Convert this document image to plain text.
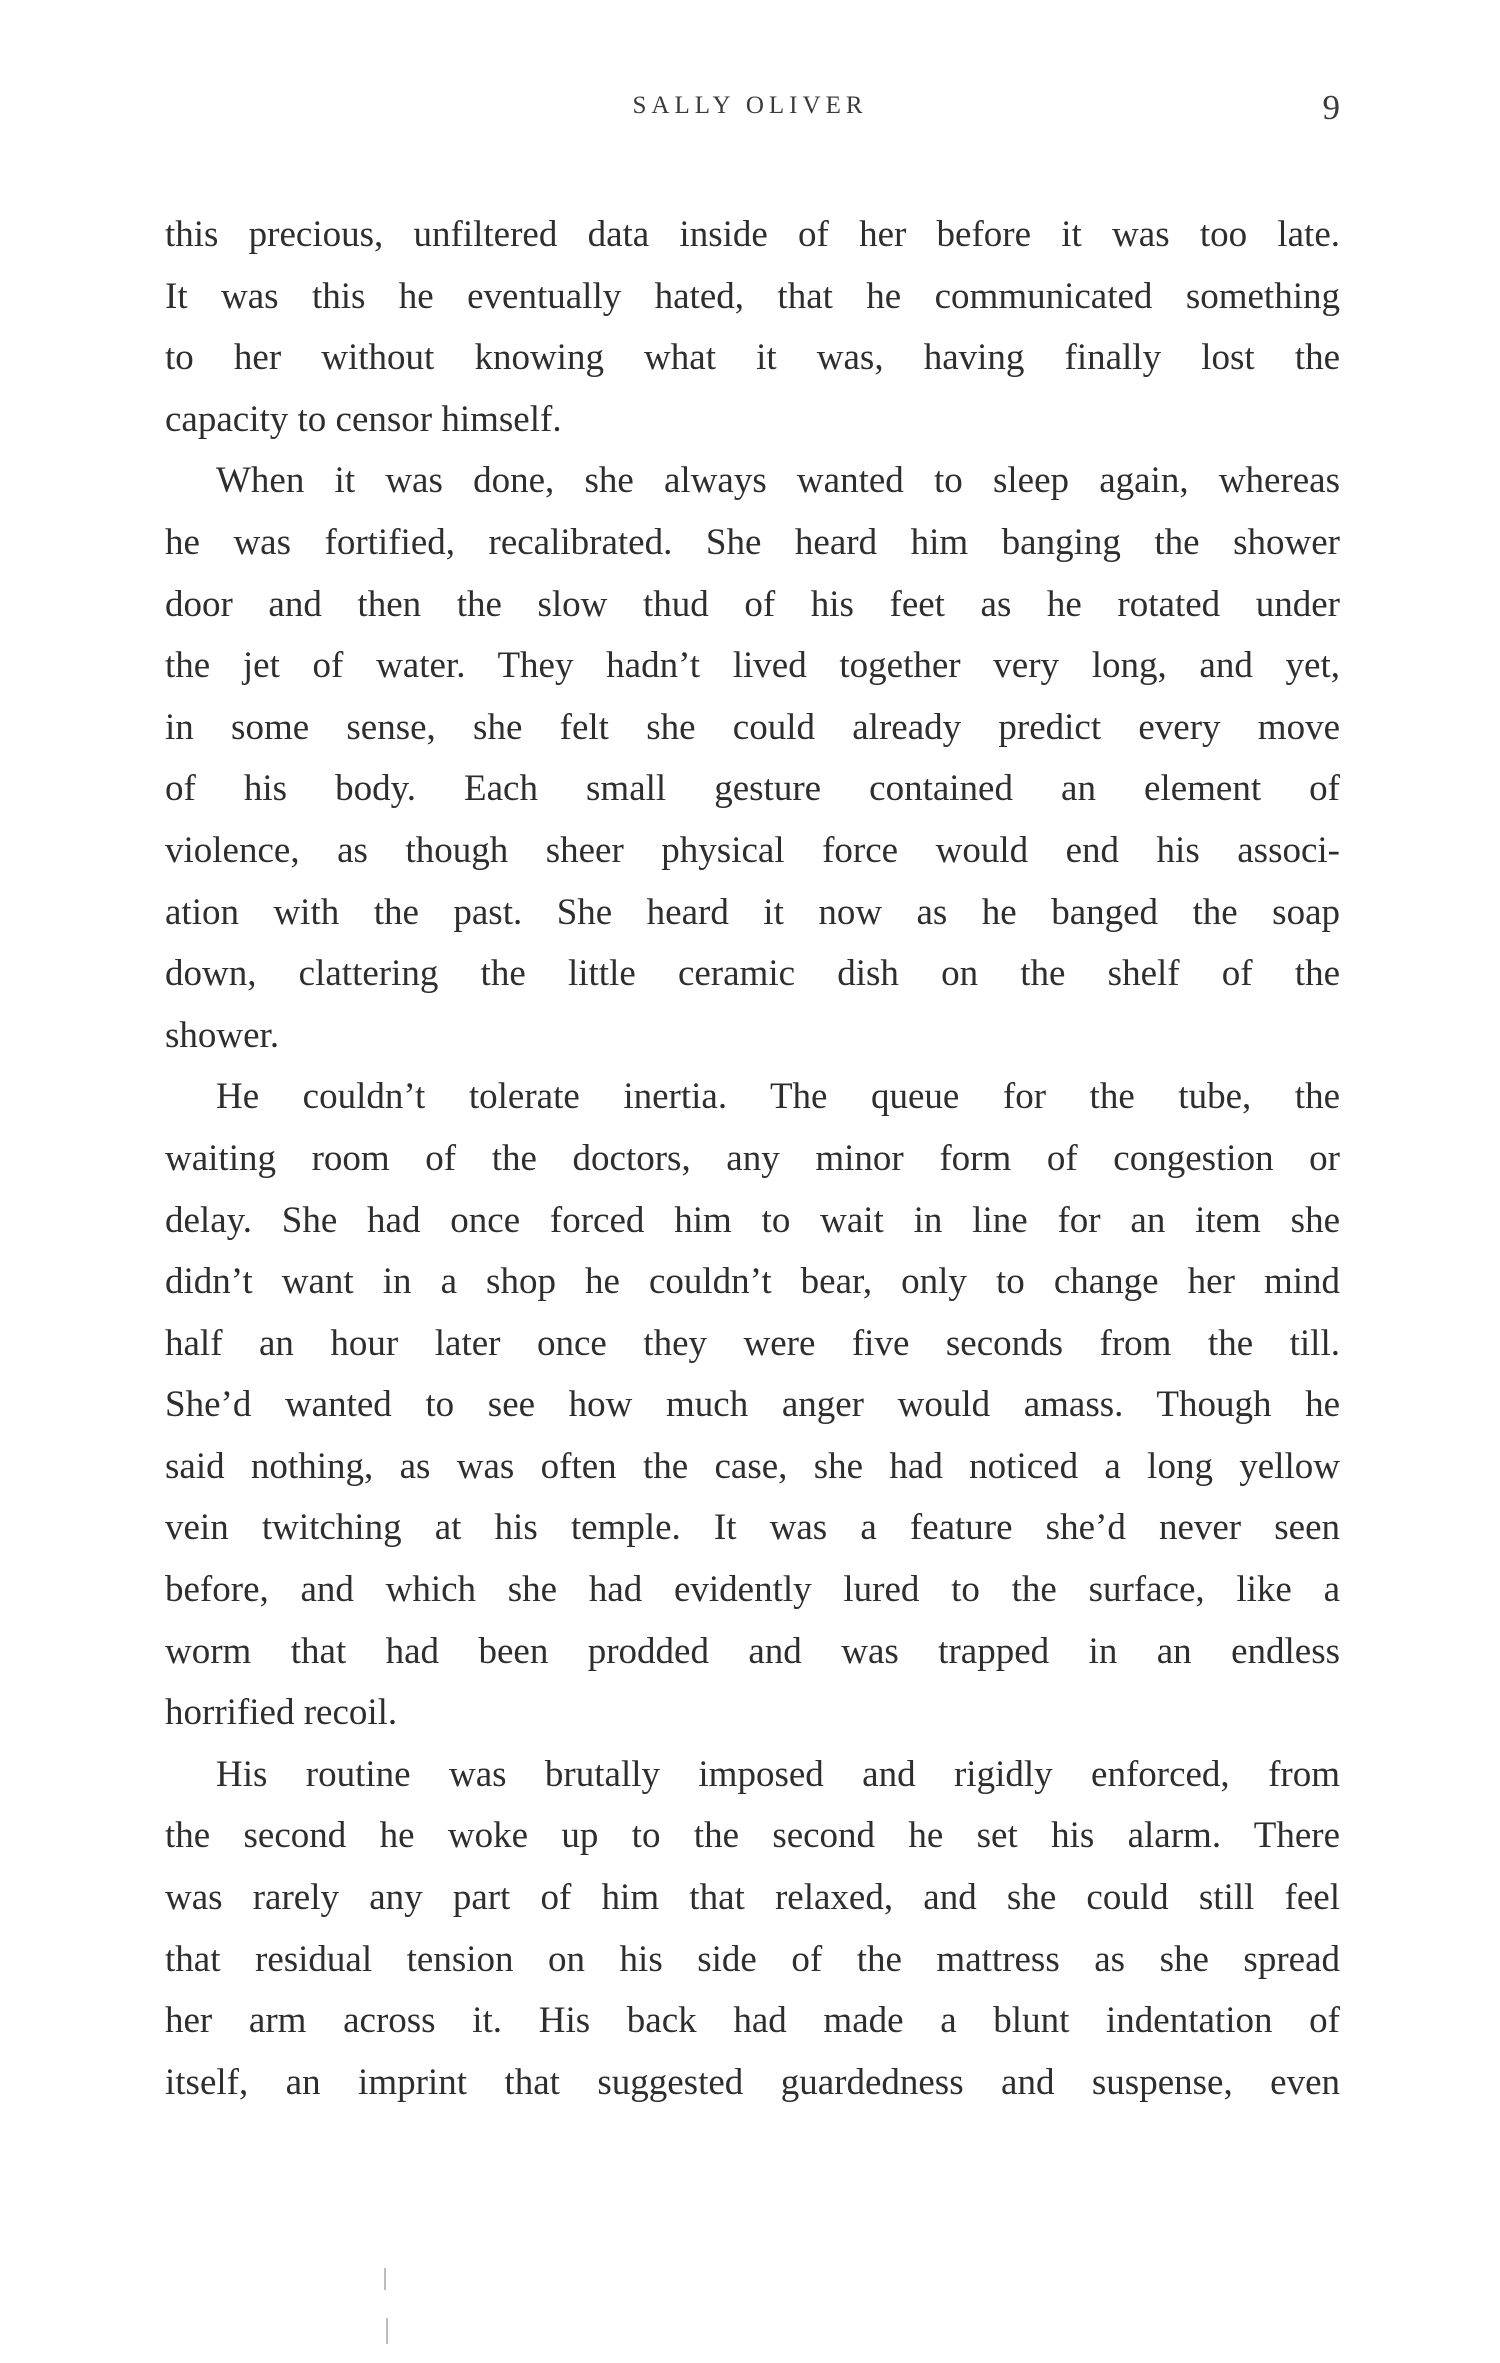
SALLY OLIVER	9
this precious, unfiltered data inside of her before it was too late.
It was this he eventually hated, that he communicated something
to her without knowing what it was, having finally lost the
capacity to censor himself.
When it was done, she always wanted to sleep again, whereas
he was fortified, recalibrated. She heard him banging the shower
door and then the slow thud of his feet as he rotated under
the jet of water. They hadn’t lived together very long, and yet,
in some sense, she felt she could already predict every move
of his body. Each small gesture contained an element of
violence, as though sheer physical force would end his associ-
ation with the past. She heard it now as he banged the soap
down, clattering the little ceramic dish on the shelf of the
shower.
He couldn’t tolerate inertia. The queue for the tube, the
waiting room of the doctors, any minor form of congestion or
delay. She had once forced him to wait in line for an item she
didn’t want in a shop he couldn’t bear, only to change her mind
half an hour later once they were five seconds from the till.
She’d wanted to see how much anger would amass. Though he
said nothing, as was often the case, she had noticed a long yellow
vein twitching at his temple. It was a feature she’d never seen
before, and which she had evidently lured to the surface, like a
worm that had been prodded and was trapped in an endless
horrified recoil.
His routine was brutally imposed and rigidly enforced, from
the second he woke up to the second he set his alarm. There
was rarely any part of him that relaxed, and she could still feel
that residual tension on his side of the mattress as she spread
her arm across it. His back had made a blunt indentation of
itself, an imprint that suggested guardedness and suspense, even
